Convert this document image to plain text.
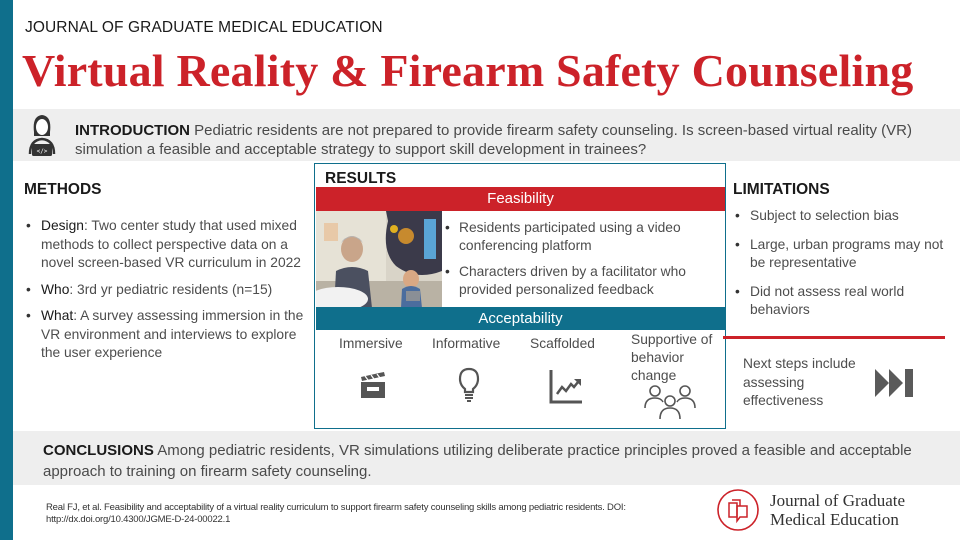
JOURNAL OF GRADUATE MEDICAL EDUCATION
Virtual Reality & Firearm Safety Counseling
</>

INTRODUCTION Pediatric residents are not prepared to provide firearm safety counseling. Is screen-based virtual reality (VR) simulation a feasible and acceptable strategy to support skill development in trainees?

METHODS
• Design: Two center study that used mixed methods to collect perspective data on a novel screen-based VR curriculum in 2022
• Who: 3rd yr pediatric residents (n=15)
• What: A survey assessing immersion in the VR environment and interviews to explore the user experience
RESULTS
Feasibility
• Residents participated using a video conferencing platform
• Characters driven by a facilitator who provided personalized feedback
Acceptability
Immersive Informative Scaffolded	Supportive of behavior change
LIMITATIONS
• Subject to selection bias
• Large, urban programs may not be representative
• Did not assess real world behaviors

Next steps include assessing effectiveness

CONCLUSIONS Among pediatric residents, VR simulations utilizing deliberate practice principles proved a feasible and acceptable approach to training on firearm safety counseling.

Real FJ, et al. Feasibility and acceptability of a virtual reality curriculum to support firearm safety counseling skills among pediatric residents. DOI: http://dx.doi.org/10.4300/JGME-D-24-00022.1

Journal of Graduate
Medical Education
